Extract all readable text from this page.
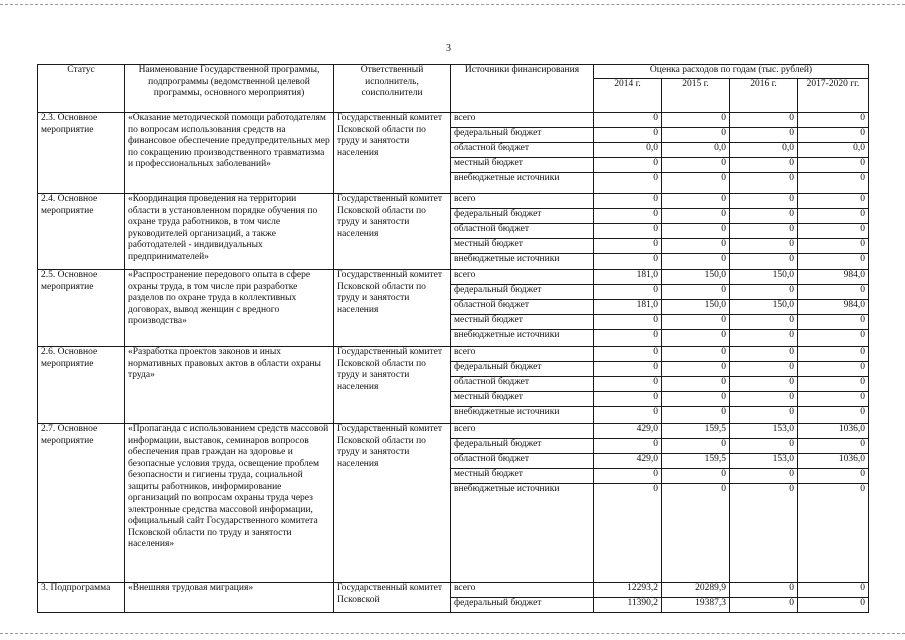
3
Статус	Наименование Государственной программы, подпрограммы (ведомственной целевой программы, основного мероприятия)	Ответственный исполнитель, соисполнители	Источники финансирования	Оценка расходов по годам (тыс. рублей)			
				2014 г.	2015 г.	2016 г.	2017-2020 гг.
2.3. Основное мероприятие	«Оказание методической помощи работодателям по вопросам использования средств на финансовое обеспечение предупредительных мер по сокращению производственного травматизма и профессиональных заболеваний»	Государственный комитет Псковской области по труду и занятости населения	всего	0	0	0	0
			федеральный бюджет	0	0	0	0
			областной бюджет	0,0	0,0	0,0	0,0
			местный бюджет	0	0	0	0
			внебюджетные источники	0	0	0	0
2.4. Основное мероприятие	«Координация проведения на территории области в установленном порядке обучения по охране труда работников, в том числе руководителей организаций, а также работодателей - индивидуальных предпринимателей»	Государственный комитет Псковской области по труду и занятости населения	всего	0	0	0	0
			федеральный бюджет	0	0	0	0
			областной бюджет	0	0	0	0
			местный бюджет	0	0	0	0
			внебюджетные источники	0	0	0	0
2.5. Основное мероприятие	«Распространение передового опыта в сфере охраны труда, в том числе при разработке разделов по охране труда в коллективных договорах, вывод женщин с вредного производства»	Государственный комитет Псковской области по труду и занятости населения	всего	181,0	150,0	150,0	984,0
			федеральный бюджет	0	0	0	0
			областной бюджет	181,0	150,0	150,0	984,0
			местный бюджет	0	0	0	0
			внебюджетные источники	0	0	0	0
2.6. Основное мероприятие	«Разработка проектов законов и иных нормативных правовых актов в области охраны труда»	Государственный комитет Псковской области по труду и занятости населения	всего	0	0	0	0
			федеральный бюджет	0	0	0	0
			областной бюджет	0	0	0	0
			местный бюджет	0	0	0	0
			внебюджетные источники	0	0	0	0
2.7. Основное мероприятие	«Пропаганда с использованием средств массовой информации, выставок, семинаров вопросов обеспечения прав граждан на здоровье и безопасные условия труда, освещение проблем безопасности и гигиены труда, социальной защиты работников, информирование организаций по вопросам охраны труда через электронные средства массовой информации, официальный сайт Государственного комитета Псковской области по труду и занятости населения»	Государственный комитет Псковской области по труду и занятости населения	всего	429,0	159,5	153,0	1036,0
			федеральный бюджет	0	0	0	0
			областной бюджет	429,0	159,5	153,0	1036,0
			местный бюджет	0	0	0	0
			внебюджетные источники	0	0	0	0
3. Подпрограмма	«Внешняя трудовая миграция»	Государственный комитет Псковской	всего	12293,2	20289,9	0	0
			федеральный бюджет	11390,2	19387,3	0	0
